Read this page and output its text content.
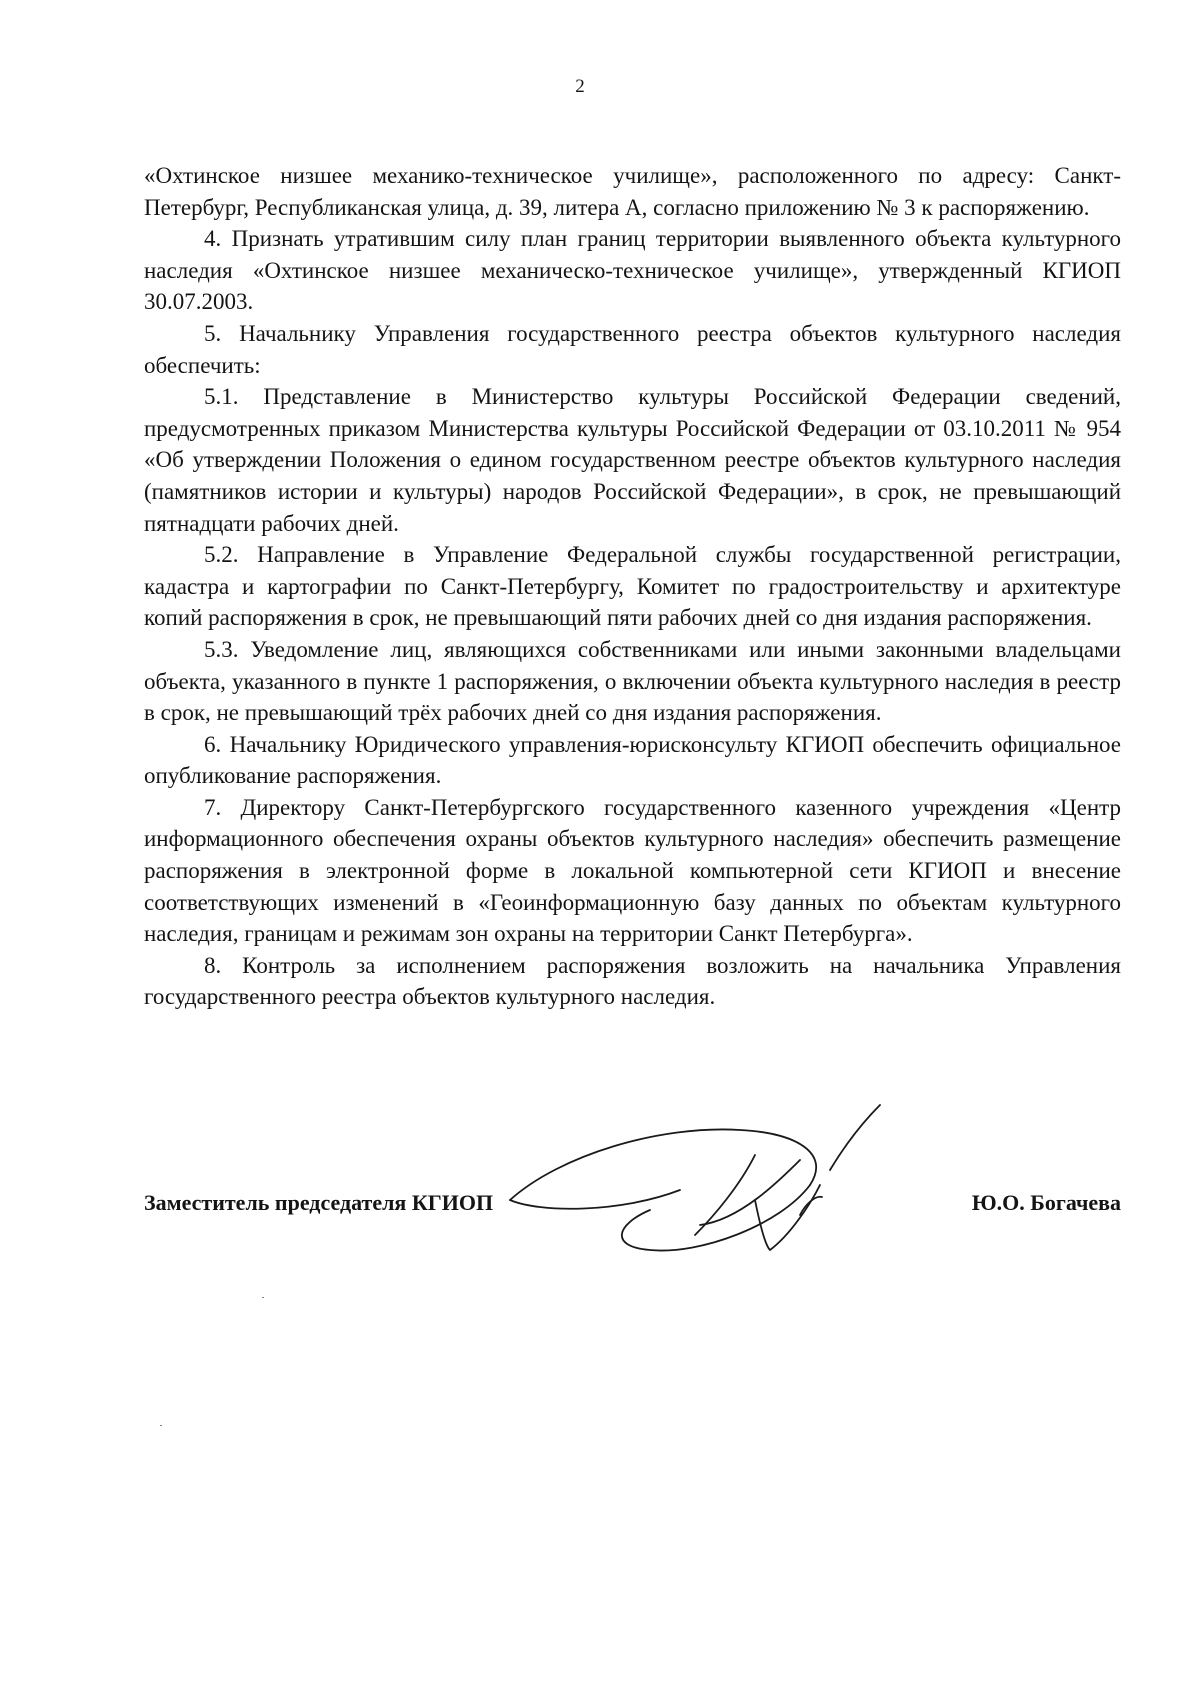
2

«Охтинское низшее механико-техническое училище», расположенного по адресу: Санкт-Петербург, Республиканская улица, д. 39, литера А, согласно приложению № 3 к распоряжению.

4. Признать утратившим силу план границ территории выявленного объекта культурного наследия «Охтинское низшее механическо-техническое училище», утвержденный КГИОП 30.07.2003.

5. Начальнику Управления государственного реестра объектов культурного наследия обеспечить:

5.1. Представление в Министерство культуры Российской Федерации сведений, предусмотренных приказом Министерства культуры Российской Федерации от 03.10.2011 № 954 «Об утверждении Положения о едином государственном реестре объектов культурного наследия (памятников истории и культуры) народов Российской Федерации», в срок, не превышающий пятнадцати рабочих дней.

5.2. Направление в Управление Федеральной службы государственной регистрации, кадастра и картографии по Санкт-Петербургу, Комитет по градостроительству и архитектуре копий распоряжения в срок, не превышающий пяти рабочих дней со дня издания распоряжения.

5.3. Уведомление лиц, являющихся собственниками или иными законными владельцами объекта, указанного в пункте 1 распоряжения, о включении объекта культурного наследия в реестр в срок, не превышающий трёх рабочих дней со дня издания распоряжения.

6. Начальнику Юридического управления-юрисконсульту КГИОП обеспечить официальное опубликование распоряжения.

7. Директору Санкт-Петербургского государственного казенного учреждения «Центр информационного обеспечения охраны объектов культурного наследия» обеспечить размещение распоряжения в электронной форме в локальной компьютерной сети КГИОП и внесение соответствующих изменений в «Геоинформационную базу данных по объектам культурного наследия, границам и режимам зон охраны на территории Санкт Петербурга».

8. Контроль за исполнением распоряжения возложить на начальника Управления государственного реестра объектов культурного наследия.

Заместитель председателя КГИОП	Ю.О. Богачева
